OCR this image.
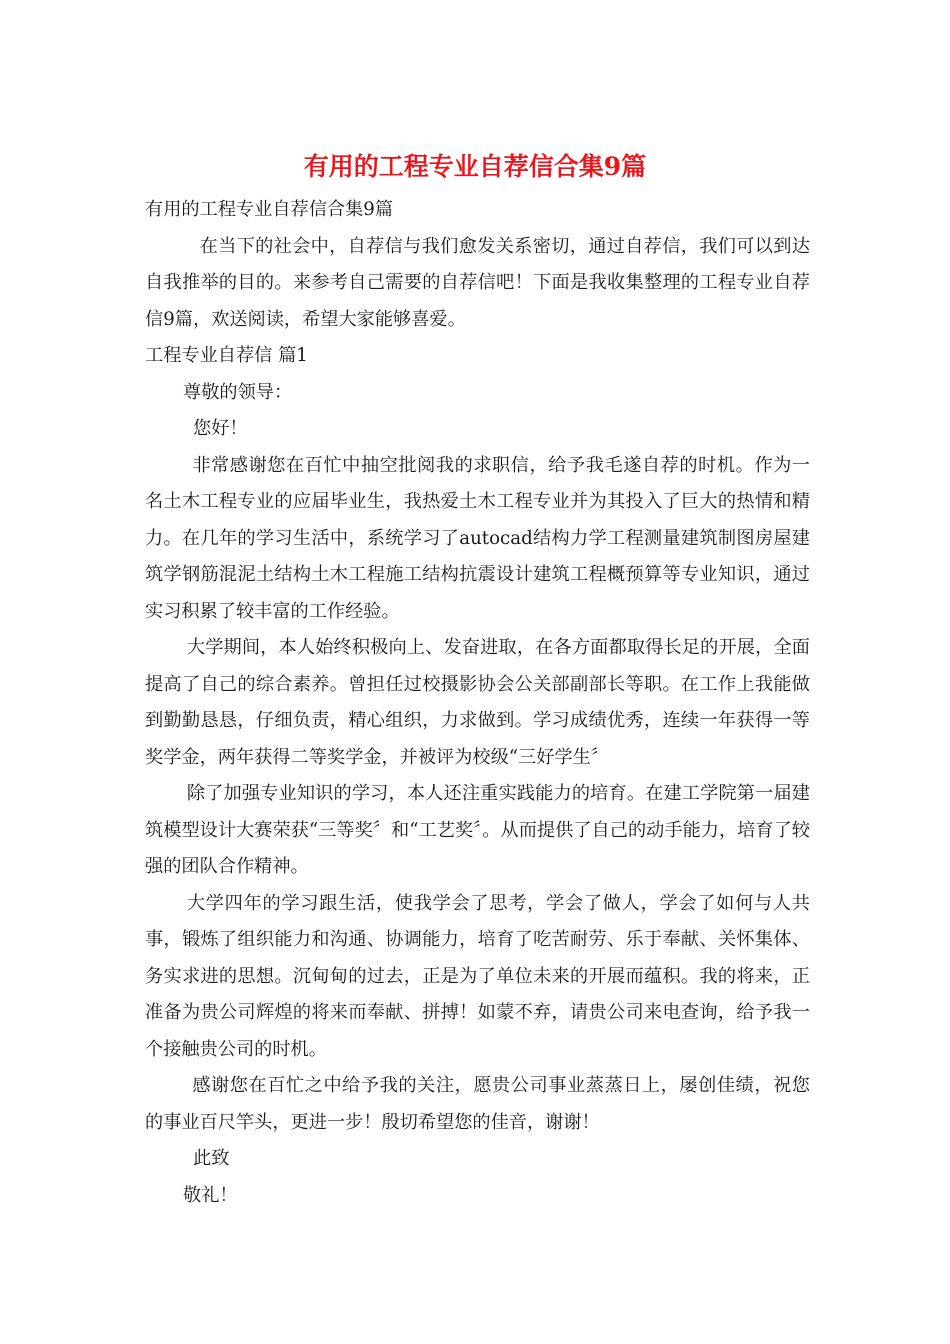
有用的工程专业自荐信合集9篇

有用的工程专业自荐信合集9篇

在当下的社会中，自荐信与我们愈发关系密切，通过自荐信，我们可以到达自我推举的目的。来参考自己需要的自荐信吧！下面是我收集整理的工程专业自荐信9篇，欢送阅读，希望大家能够喜爱。

工程专业自荐信 篇1

尊敬的领导：

您好！

非常感谢您在百忙中抽空批阅我的求职信，给予我毛遂自荐的时机。作为一名土木工程专业的应届毕业生，我热爱土木工程专业并为其投入了巨大的热情和精力。在几年的学习生活中，系统学习了autocad结构力学工程测量建筑制图房屋建筑学钢筋混泥土结构土木工程施工结构抗震设计建筑工程概预算等专业知识，通过实习积累了较丰富的工作经验。

大学期间，本人始终积极向上、发奋进取，在各方面都取得长足的开展，全面提高了自己的综合素养。曾担任过校摄影协会公关部副部长等职。在工作上我能做到勤勤恳恳，仔细负责，精心组织，力求做到。学习成绩优秀，连续一年获得一等奖学金，两年获得二等奖学金，并被评为校级“三好学生〞

除了加强专业知识的学习，本人还注重实践能力的培育。在建工学院第一届建筑模型设计大赛荣获“三等奖〞和“工艺奖〞。从而提供了自己的动手能力，培育了较强的团队合作精神。

大学四年的学习跟生活，使我学会了思考，学会了做人，学会了如何与人共事，锻炼了组织能力和沟通、协调能力，培育了吃苦耐劳、乐于奉献、关怀集体、务实求进的思想。沉甸甸的过去，正是为了单位未来的开展而蕴积。我的将来，正准备为贵公司辉煌的将来而奉献、拼搏！如蒙不弃，请贵公司来电查询，给予我一个接触贵公司的时机。

感谢您在百忙之中给予我的关注，愿贵公司事业蒸蒸日上，屡创佳绩，祝您的事业百尺竿头，更进一步！殷切希望您的佳音，谢谢！

此致

敬礼！
